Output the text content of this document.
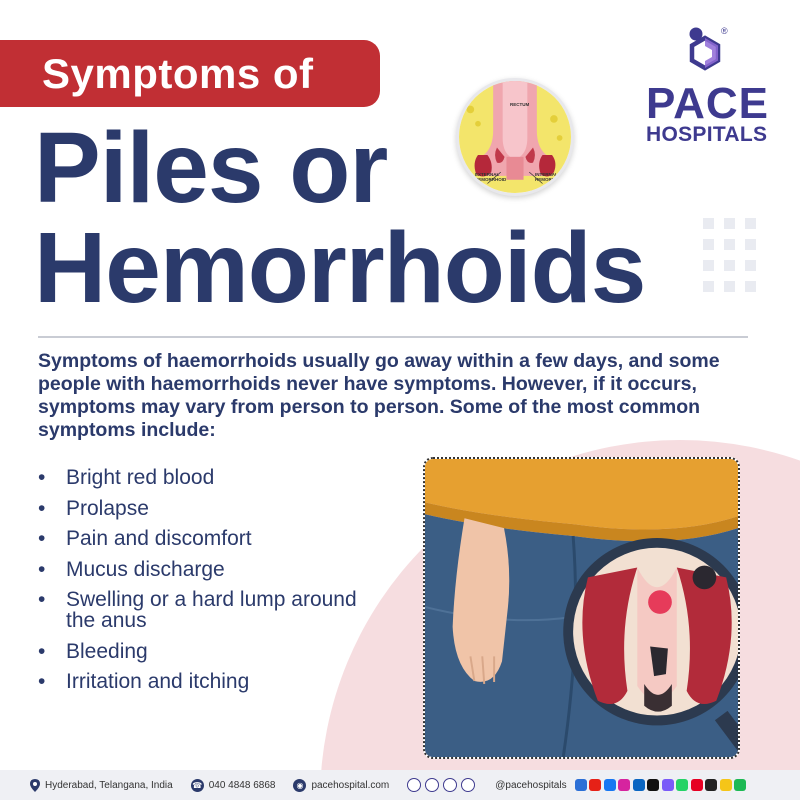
Symptoms of
Piles or
Hemorrhoids
RECTUM
EXTERNAL HEMORRHOID
INTERNAL HEMORRHOID
®
PACE
HOSPITALS

Symptoms of haemorrhoids usually go away within a few days, and some people with haemorrhoids never have symptoms. However, if it occurs, symptoms may vary from person to person. Some of the most common symptoms include:

• Bright red blood
• Prolapse
• Pain and discomfort
• Mucus discharge
• Swelling or a hard lump around the anus
• Bleeding
• Irritation and itching
Hyderabad, Telangana, India ☎ 040 4848 6868	◉ pacehospital.com	@pacehospitals
